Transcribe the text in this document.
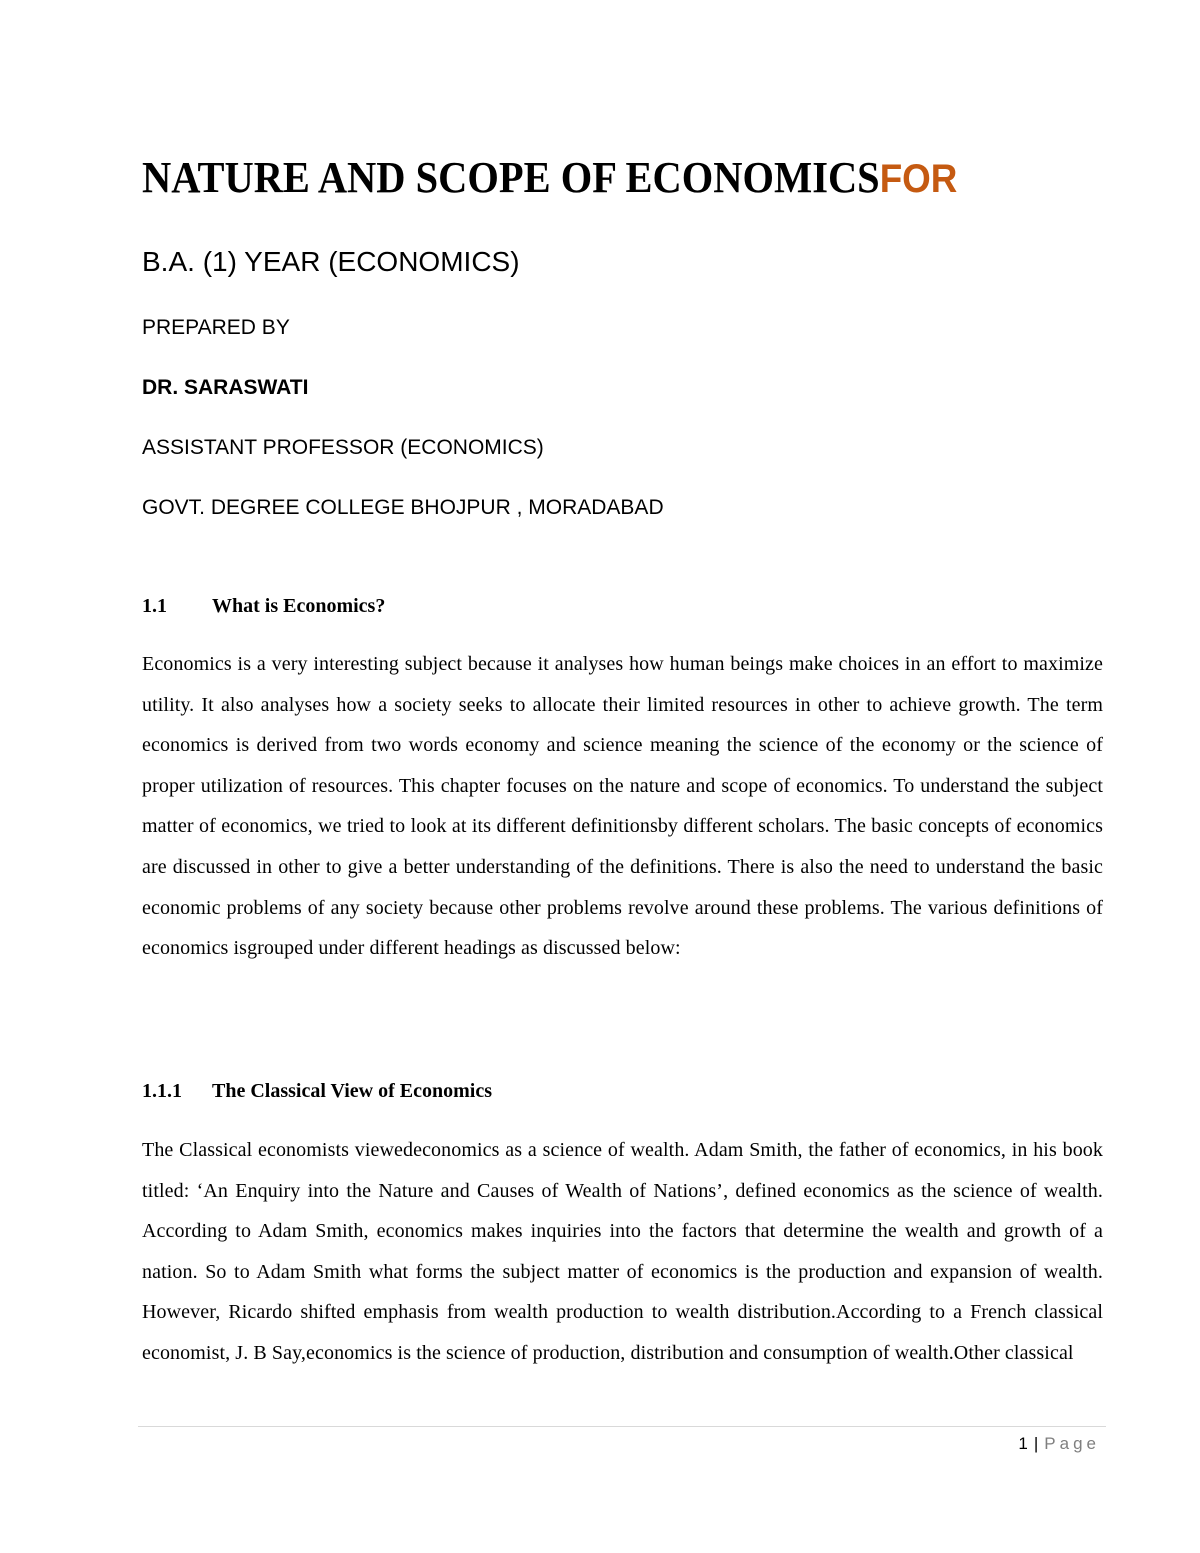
NATURE AND SCOPE OF ECONOMICSFOR
B.A. (1) YEAR (ECONOMICS)
PREPARED BY
DR. SARASWATI
ASSISTANT PROFESSOR (ECONOMICS)
GOVT. DEGREE COLLEGE BHOJPUR , MORADABAD
1.1 What is Economics?
Economics is a very interesting subject because it analyses how human beings make choices in an effort to maximize utility. It also analyses how a society seeks to allocate their limited resources in other to achieve growth. The term economics is derived from two words economy and science meaning the science of the economy or the science of proper utilization of resources. This chapter focuses on the nature and scope of economics. To understand the subject matter of economics, we tried to look at its different definitionsby different scholars. The basic concepts of economics are discussed in other to give a better understanding of the definitions. There is also the need to understand the basic economic problems of any society because other problems revolve around these problems. The various definitions of economics isgrouped under different headings as discussed below:
1.1.1 The Classical View of Economics
The Classical economists viewedeconomics as a science of wealth. Adam Smith, the father of economics, in his book titled: ‘An Enquiry into the Nature and Causes of Wealth of Nations’, defined economics as the science of wealth. According to Adam Smith, economics makes inquiries into the factors that determine the wealth and growth of a nation. So to Adam Smith what forms the subject matter of economics is the production and expansion of wealth. However, Ricardo shifted emphasis from wealth production to wealth distribution.According to a French classical economist, J. B Say,economics is the science of production, distribution and consumption of wealth.Other classical
1 | Page
